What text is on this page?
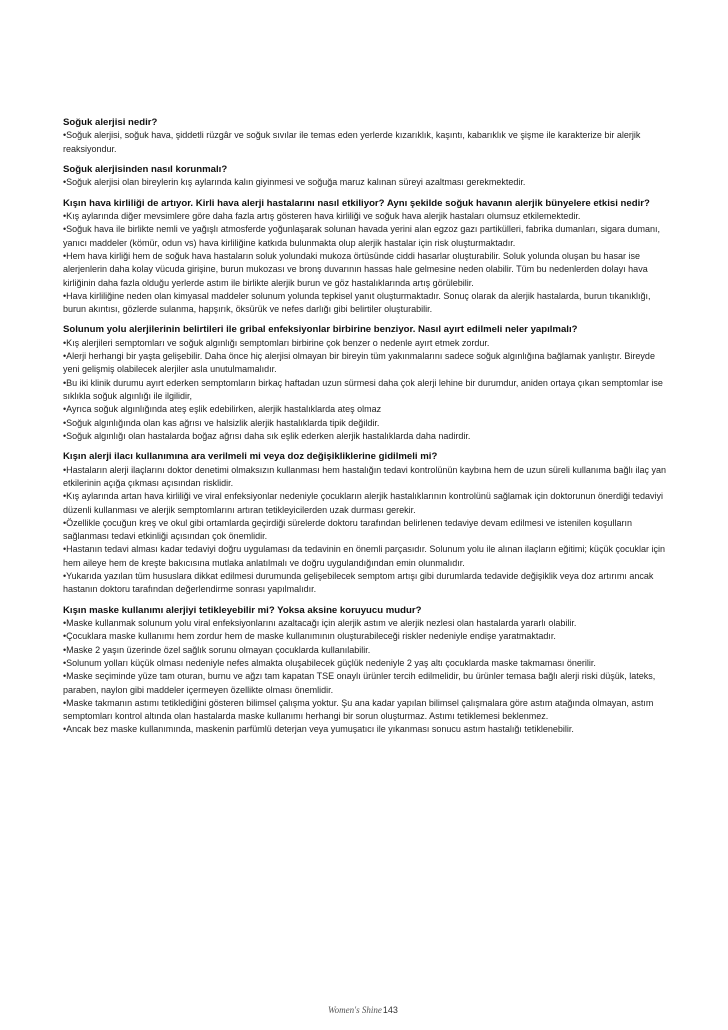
Soğuk alerjisi nedir?

•Soğuk alerjisi, soğuk hava, şiddetli rüzgâr ve soğuk sıvılar ile temas eden yerlerde kızarıklık, kaşıntı, kabarıklık ve şişme ile karakterize bir alerjik reaksiyondur.

Soğuk alerjisinden nasıl korunmalı?

•Soğuk alerjisi olan bireylerin kış aylarında kalın giyinmesi ve soğuğa maruz kalınan süreyi azaltması gerekmektedir.

Kışın hava kirliliği de artıyor. Kirli hava alerji hastalarını nasıl etkiliyor? Aynı şekilde soğuk havanın alerjik bünyelere etkisi nedir?

•Kış aylarında diğer mevsimlere göre daha fazla artış gösteren hava kirliliği ve soğuk hava alerjik hastaları olumsuz etkilemektedir.

•Soğuk hava ile birlikte nemli ve yağışlı atmosferde yoğunlaşarak solunan havada yerini alan egzoz gazı partikülleri, fabrika dumanları, sigara dumanı, yanıcı maddeler (kömür, odun vs) hava kirliliğine katkıda bulunmakta olup alerjik hastalar için risk oluşturmaktadır.

•Hem hava kirliği hem de soğuk hava hastaların soluk yolundaki mukoza örtüsünde ciddi hasarlar oluşturabilir. Soluk yolunda oluşan bu hasar ise alerjenlerin daha kolay vücuda girişine, burun mukozası ve bronş duvarının hassas hale gelmesine neden olabilir. Tüm bu nedenlerden dolayı hava kirliğinin daha fazla olduğu yerlerde astım ile birlikte alerjik burun ve göz hastalıklarında artış görülebilir.

•Hava kirliliğine neden olan kimyasal maddeler solunum yolunda tepkisel yanıt oluşturmaktadır. Sonuç olarak da alerjik hastalarda, burun tıkanıklığı, burun akıntısı, gözlerde sulanma, hapşırık, öksürük ve nefes darlığı gibi belirtiler oluşturabilir.

Solunum yolu alerjilerinin belirtileri ile gribal enfeksiyonlar birbirine benziyor. Nasıl ayırt edilmeli neler yapılmalı?

•Kış alerjileri semptomları ve soğuk algınlığı semptomları birbirine çok benzer o nedenle ayırt etmek zordur.

•Alerji herhangi bir yaşta gelişebilir. Daha önce hiç alerjisi olmayan bir bireyin tüm yakınmalarını sadece soğuk algınlığına bağlamak yanlıştır. Bireyde yeni gelişmiş olabilecek alerjiler asla unutulmamalıdır.

•Bu iki klinik durumu ayırt ederken semptomların birkaç haftadan uzun sürmesi daha çok alerji lehine bir durumdur, aniden ortaya çıkan semptomlar ise sıklıkla soğuk algınlığı ile ilgilidir,

•Ayrıca soğuk algınlığında ateş eşlik edebilirken, alerjik hastalıklarda ateş olmaz

•Soğuk algınlığında olan kas ağrısı ve halsizlik alerjik hastalıklarda tipik değildir.

•Soğuk algınlığı olan hastalarda boğaz ağrısı daha sık eşlik ederken alerjik hastalıklarda daha nadirdir.

Kışın alerji ilacı kullanımına ara verilmeli mi veya doz değişikliklerine gidilmeli mi?

•Hastaların alerji ilaçlarını doktor denetimi olmaksızın kullanması hem hastalığın tedavi kontrolünün kaybına hem de uzun süreli kullanıma bağlı ilaç yan etkilerinin açığa çıkması açısından risklidir.

•Kış aylarında artan hava kirliliği ve viral enfeksiyonlar nedeniyle çocukların alerjik hastalıklarının kontrolünü sağlamak için doktorunun önerdiği tedaviyi düzenli kullanması ve alerjik semptomlarını artıran tetikleyicilerden uzak durması gerekir.

•Özellikle çocuğun kreş ve okul gibi ortamlarda geçirdiği sürelerde doktoru tarafından belirlenen tedaviye devam edilmesi ve istenilen koşulların sağlanması tedavi etkinliği açısından çok önemlidir.

•Hastanın tedavi alması kadar tedaviyi doğru uygulaması da tedavinin en önemli parçasıdır. Solunum yolu ile alınan ilaçların eğitimi; küçük çocuklar için hem aileye hem de kreşte bakıcısına mutlaka anlatılmalı ve doğru uygulandığından emin olunmalıdır.

•Yukarıda yazılan tüm hususlara dikkat edilmesi durumunda gelişebilecek semptom artışı gibi durumlarda tedavide değişiklik veya doz artırımı ancak hastanın doktoru tarafından değerlendirme sonrası yapılmalıdır.

Kışın maske kullanımı alerjiyi tetikleyebilir mi? Yoksa aksine koruyucu mudur?

•Maske kullanmak solunum yolu viral enfeksiyonlarını azaltacağı için alerjik astım ve alerjik nezlesi olan hastalarda yararlı olabilir.

•Çocuklara maske kullanımı hem zordur hem de maske kullanımının oluşturabileceği riskler nedeniyle endişe yaratmaktadır.

•Maske 2 yaşın üzerinde özel sağlık sorunu olmayan çocuklarda kullanılabilir.

•Solunum yolları küçük olması nedeniyle nefes almakta oluşabilecek güçlük nedeniyle 2 yaş altı çocuklarda maske takmaması önerilir.

•Maske seçiminde yüze tam oturan, burnu ve ağzı tam kapatan TSE onaylı ürünler tercih edilmelidir, bu ürünler temasa bağlı alerji riski düşük, lateks, paraben, naylon gibi maddeler içermeyen özellikte olması önemlidir.

•Maske takmanın astımı tetiklediğini gösteren bilimsel çalışma yoktur. Şu ana kadar yapılan bilimsel çalışmalara göre astım atağında olmayan, astım semptomları kontrol altında olan hastalarda maske kullanımı herhangi bir sorun oluşturmaz. Astımı tetiklemesi beklenmez.

•Ancak bez maske kullanımında, maskenin parfümlü deterjan veya yumuşatıcı ile yıkanması sonucu astım hastalığı tetiklenebilir.

Women's Shine143
